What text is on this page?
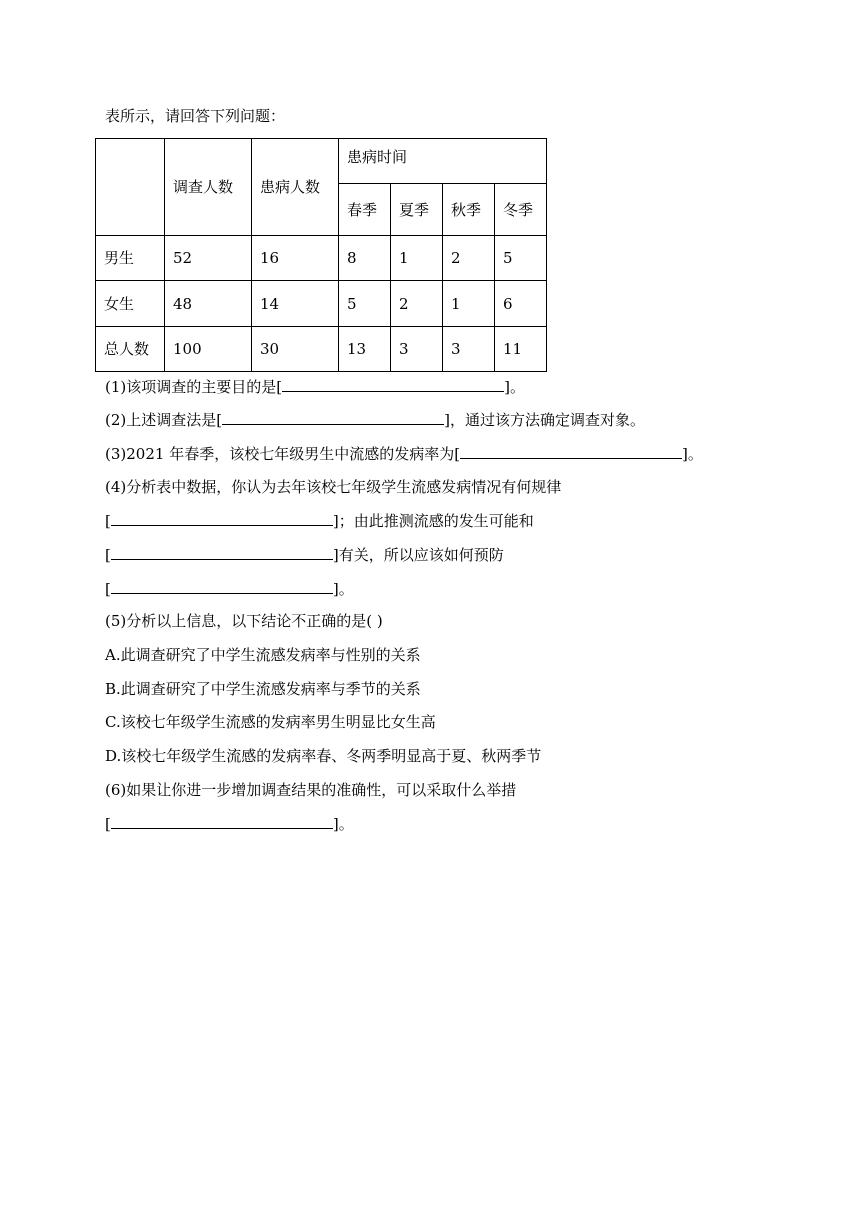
表所示，请回答下列问题：
	调查人数	患病人数	患病时间			
			春季	夏季	秋季	冬季
男生	52	16	8	1	2	5
女生	48	14	5	2	1	6
总人数	100	30	13	3	3	11
(1)该项调查的主要目的是[	]。
(2)上述调查法是[	]，通过该方法确定调查对象。
(3)2021 年春季，该校七年级男生中流感的发病率为[	]。
(4)分析表中数据，你认为去年该校七年级学生流感发病情况有何规律
[	]；由此推测流感的发生可能和
[	]有关，所以应该如何预防
[	]。
(5)分析以上信息，以下结论不正确的是( )
A.此调查研究了中学生流感发病率与性别的关系
B.此调查研究了中学生流感发病率与季节的关系
C.该校七年级学生流感的发病率男生明显比女生高
D.该校七年级学生流感的发病率春、冬两季明显高于夏、秋两季节
(6)如果让你进一步增加调查结果的准确性，可以采取什么举措
[	]。
